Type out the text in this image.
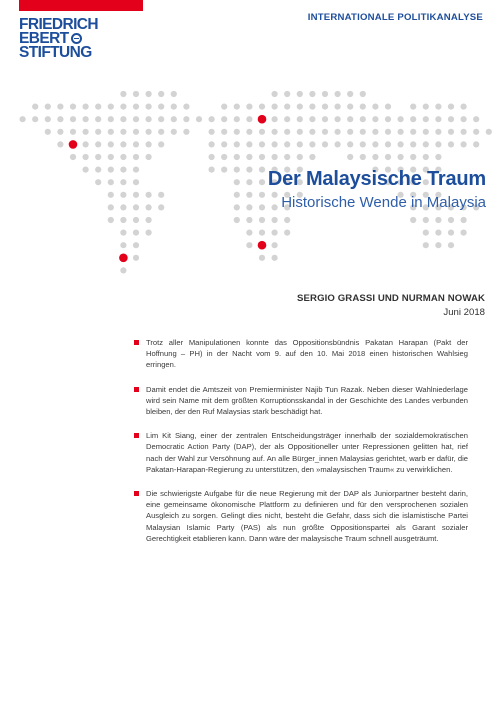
FRIEDRICH
EBERT
STIFTUNG
INTERNATIONALE POLITIKANALYSE
Der Malaysische Traum
Historische Wende in Malaysia
SERGIO GRASSI UND NURMAN NOWAK
Juni 2018
Trotz aller Manipulationen konnte das Oppositionsbündnis Pakatan Harapan (Pakt der Hoffnung – PH) in der Nacht vom 9. auf den 10. Mai 2018 einen historischen Wahlsieg erringen.
Damit endet die Amtszeit von Premierminister Najib Tun Razak. Neben dieser Wahlniederlage wird sein Name mit dem größten Korruptionsskandal in der Geschichte des Landes verbunden bleiben, der den Ruf Malaysias stark beschädigt hat.
Lim Kit Siang, einer der zentralen Entscheidungsträger innerhalb der sozialdemokratischen Democratic Action Party (DAP), der als Oppositioneller unter Repressionen gelitten hat, rief nach der Wahl zur Versöhnung auf. An alle Bürger_innen Malaysias gerichtet, warb er dafür, die Pakatan-Harapan-Regierung zu unterstützen, den »malaysischen Traum« zu verwirklichen.
Die schwierigste Aufgabe für die neue Regierung mit der DAP als Juniorpartner besteht darin, eine gemeinsame ökonomische Plattform zu definieren und für den versprochenen sozialen Ausgleich zu sorgen. Gelingt dies nicht, besteht die Gefahr, dass sich die islamistische Partei Malaysian Islamic Party (PAS) als nun größte Oppositionspartei als Garant sozialer Gerechtigkeit etablieren kann. Dann wäre der malaysische Traum schnell ausgeträumt.
